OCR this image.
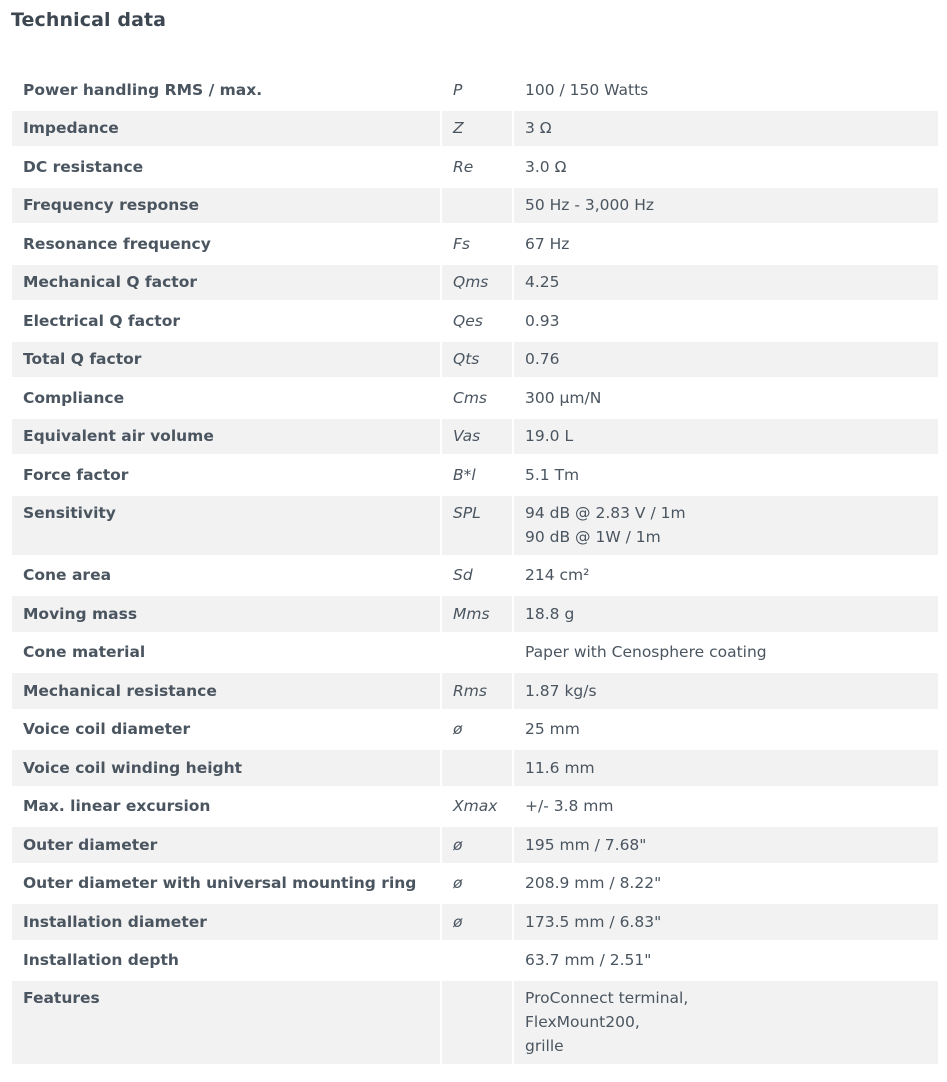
Technical data
Power handling RMS / max.	P	100 / 150 Watts

Impedance	Z	3 Ω

DC resistance	Re	3.0 Ω

Frequency response		50 Hz - 3,000 Hz

Resonance frequency	Fs	67 Hz

Mechanical Q factor	Qms	4.25

Electrical Q factor	Qes	0.93

Total Q factor	Qts	0.76

Compliance	Cms	300 µm/N

Equivalent air volume	Vas	19.0 L

Force factor	B*l	5.1 Tm

Sensitivity	SPL	94 dB @ 2.83 V / 1m
90 dB @ 1W / 1m

Cone area	Sd	214 cm²

Moving mass	Mms	18.8 g

Cone material		Paper with Cenosphere coating

Mechanical resistance	Rms	1.87 kg/s

Voice coil diameter	ø	25 mm

Voice coil winding height		11.6 mm

Max. linear excursion	Xmax	+/- 3.8 mm

Outer diameter	ø	195 mm / 7.68"

Outer diameter with universal mounting ring	ø	208.9 mm / 8.22"

Installation diameter	ø	173.5 mm / 6.83"

Installation depth		63.7 mm / 2.51"

Features		ProConnect terminal,
FlexMount200,
grille
